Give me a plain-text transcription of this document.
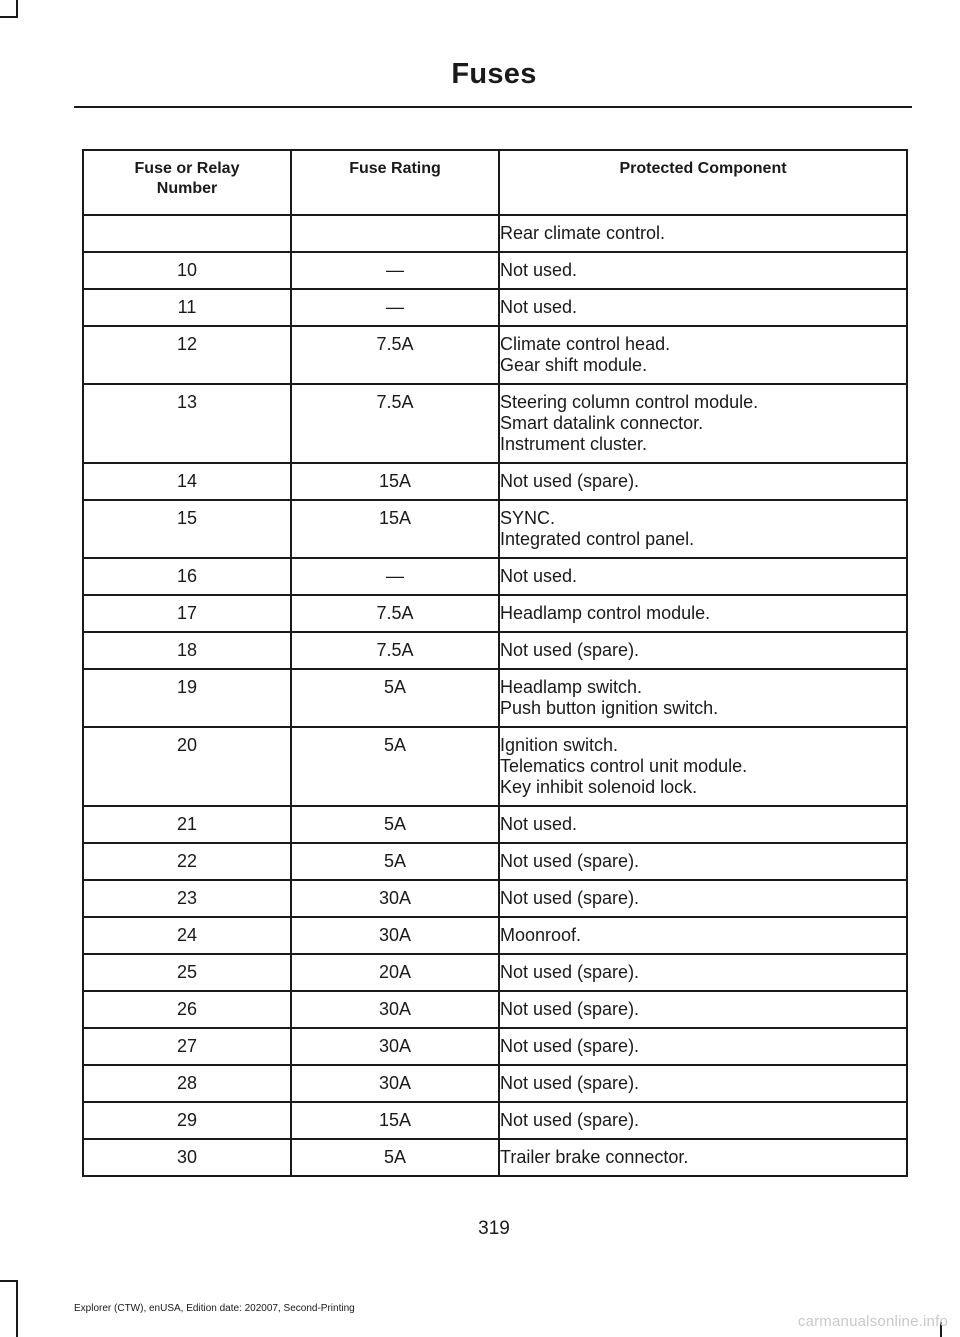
Fuses
Fuse or Relay Number	Fuse Rating	Protected Component

		Rear climate control.

10	—	Not used.

11	—	Not used.

12	7.5A	Climate control head.
Gear shift module.

13	7.5A	Steering column control module.
Smart datalink connector.
Instrument cluster.

14	15A	Not used (spare).

15	15A	SYNC.
Integrated control panel.

16	—	Not used.

17	7.5A	Headlamp control module.

18	7.5A	Not used (spare).

19	5A	Headlamp switch.
Push button ignition switch.

20	5A	Ignition switch.
Telematics control unit module.
Key inhibit solenoid lock.

21	5A	Not used.

22	5A	Not used (spare).

23	30A	Not used (spare).

24	30A	Moonroof.

25	20A	Not used (spare).

26	30A	Not used (spare).

27	30A	Not used (spare).

28	30A	Not used (spare).

29	15A	Not used (spare).

30	5A	Trailer brake connector.
319
Explorer (CTW), enUSA, Edition date: 202007, Second-Printing
carmanualsonline.info
